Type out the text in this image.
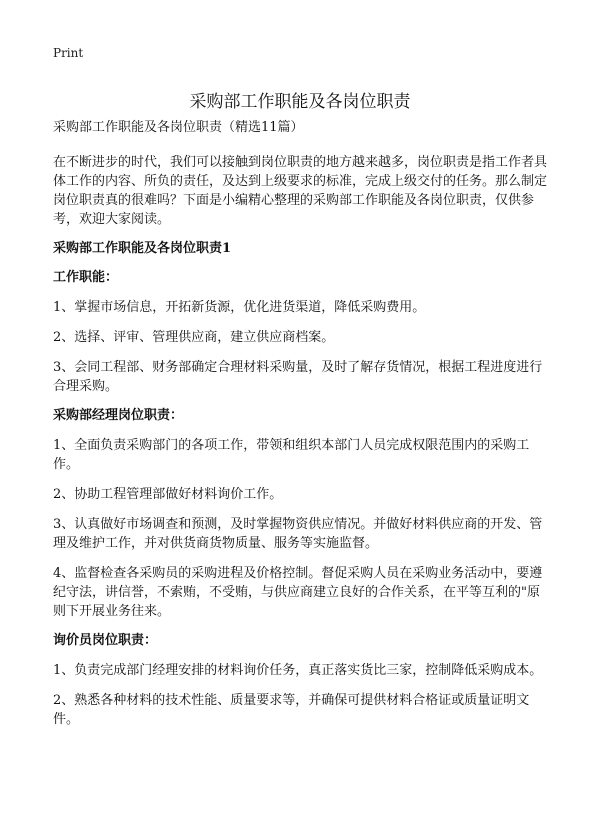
Print
采购部工作职能及各岗位职责

采购部工作职能及各岗位职责（精选11篇）

在不断进步的时代，我们可以接触到岗位职责的地方越来越多，岗位职责是指工作者具体工作的内容、所负的责任，及达到上级要求的标准，完成上级交付的任务。那么制定岗位职责真的很难吗？下面是小编精心整理的采购部工作职能及各岗位职责，仅供参考，欢迎大家阅读。

采购部工作职能及各岗位职责1
工作职能：

1、掌握市场信息，开拓新货源，优化进货渠道，降低采购费用。

2、选择、评审、管理供应商，建立供应商档案。

3、会同工程部、财务部确定合理材料采购量，及时了解存货情况，根据工程进度进行合理采购。

采购部经理岗位职责：

1、全面负责采购部门的各项工作，带领和组织本部门人员完成权限范围内的采购工作。

2、协助工程管理部做好材料询价工作。

3、认真做好市场调查和预测，及时掌握物资供应情况。并做好材料供应商的开发、管理及维护工作，并对供货商货物质量、服务等实施监督。

4、监督检查各采购员的采购进程及价格控制。督促采购人员在采购业务活动中，要遵纪守法，讲信誉，不索贿，不受贿，与供应商建立良好的合作关系，在平等互利的"原则下开展业务往来。

询价员岗位职责：

1、负责完成部门经理安排的材料询价任务，真正落实货比三家，控制降低采购成本。

2、熟悉各种材料的技术性能、质量要求等，并确保可提供材料合格证或质量证明文件。
